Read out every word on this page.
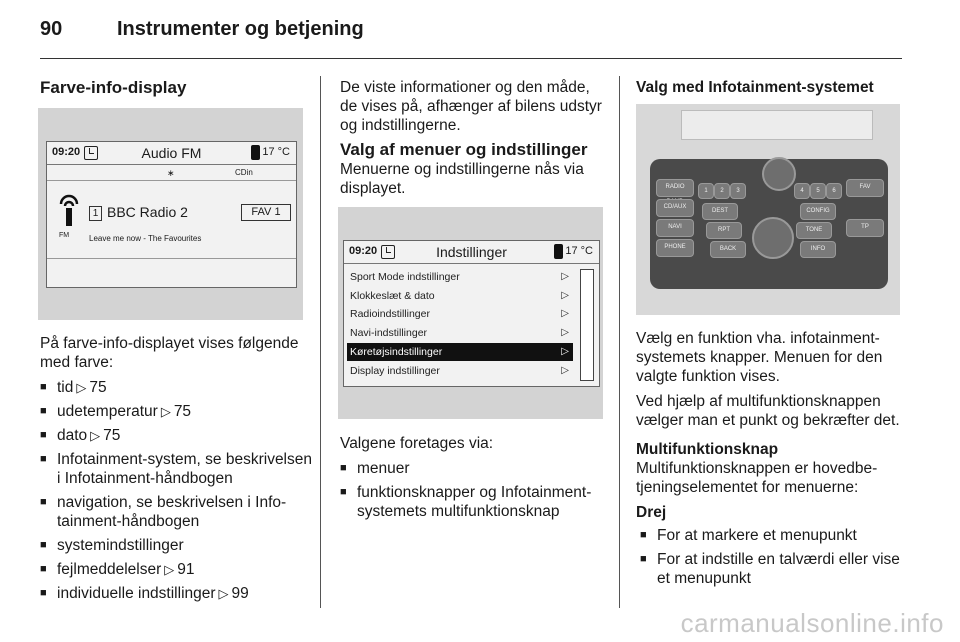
90	Instrumenter og betjening
Farve-info-display
09:20	Audio FM	17 °C
∗	CDin
FM
1 BBC Radio 2	FAV 1
Leave me now - The Favourites

På farve-info-displayet vises følgende med farve:

■ tid ▷ 75
■ udetemperatur ▷ 75
■ dato ▷ 75
■ Infotainment-system, se beskrivelsen i Infotainment-håndbogen
■ navigation, se beskrivelsen i Infotainment-håndbogen
■ systemindstillinger
■ fejlmeddelelser ▷ 91
■ individuelle indstillinger ▷ 99

De viste informationer og den måde, de vises på, afhænger af bilens udstyr og indstillingerne.

Valg af menuer og indstillinger

Menuerne og indstillingerne nås via displayet.

09:20	Indstillinger	17 °C
Sport Mode indstillinger	▷
Klokkeslæt & dato	▷
Radioindstillinger	▷
Navi-indstillinger	▷
Køretøjsindstillinger	▷
Display indstillinger	▷

Valgene foretages via:

■ menuer
■ funktionsknapper og Infotainment-systemets multifunktionsknap
Valg med Infotainment-systemet
RADIO
CD/AUX
NAVI
PHONE
FAV
TP
BACK
DEST	CONFIG
RPT	TONE
INFO
1	2	3	4	5	6

Vælg en funktion vha. infotainment-systemets knapper. Menuen for den valgte funktion vises.

Ved hjælp af multifunktionsknappen vælger man et punkt og bekræfter det.

Multifunktionsknap

Multifunktionsknappen er hovedbetjeningselementet for menuerne:

Drej
■ For at markere et menupunkt
■ For at indstille en talværdi eller vise et menupunkt
carmanualsonline.info
